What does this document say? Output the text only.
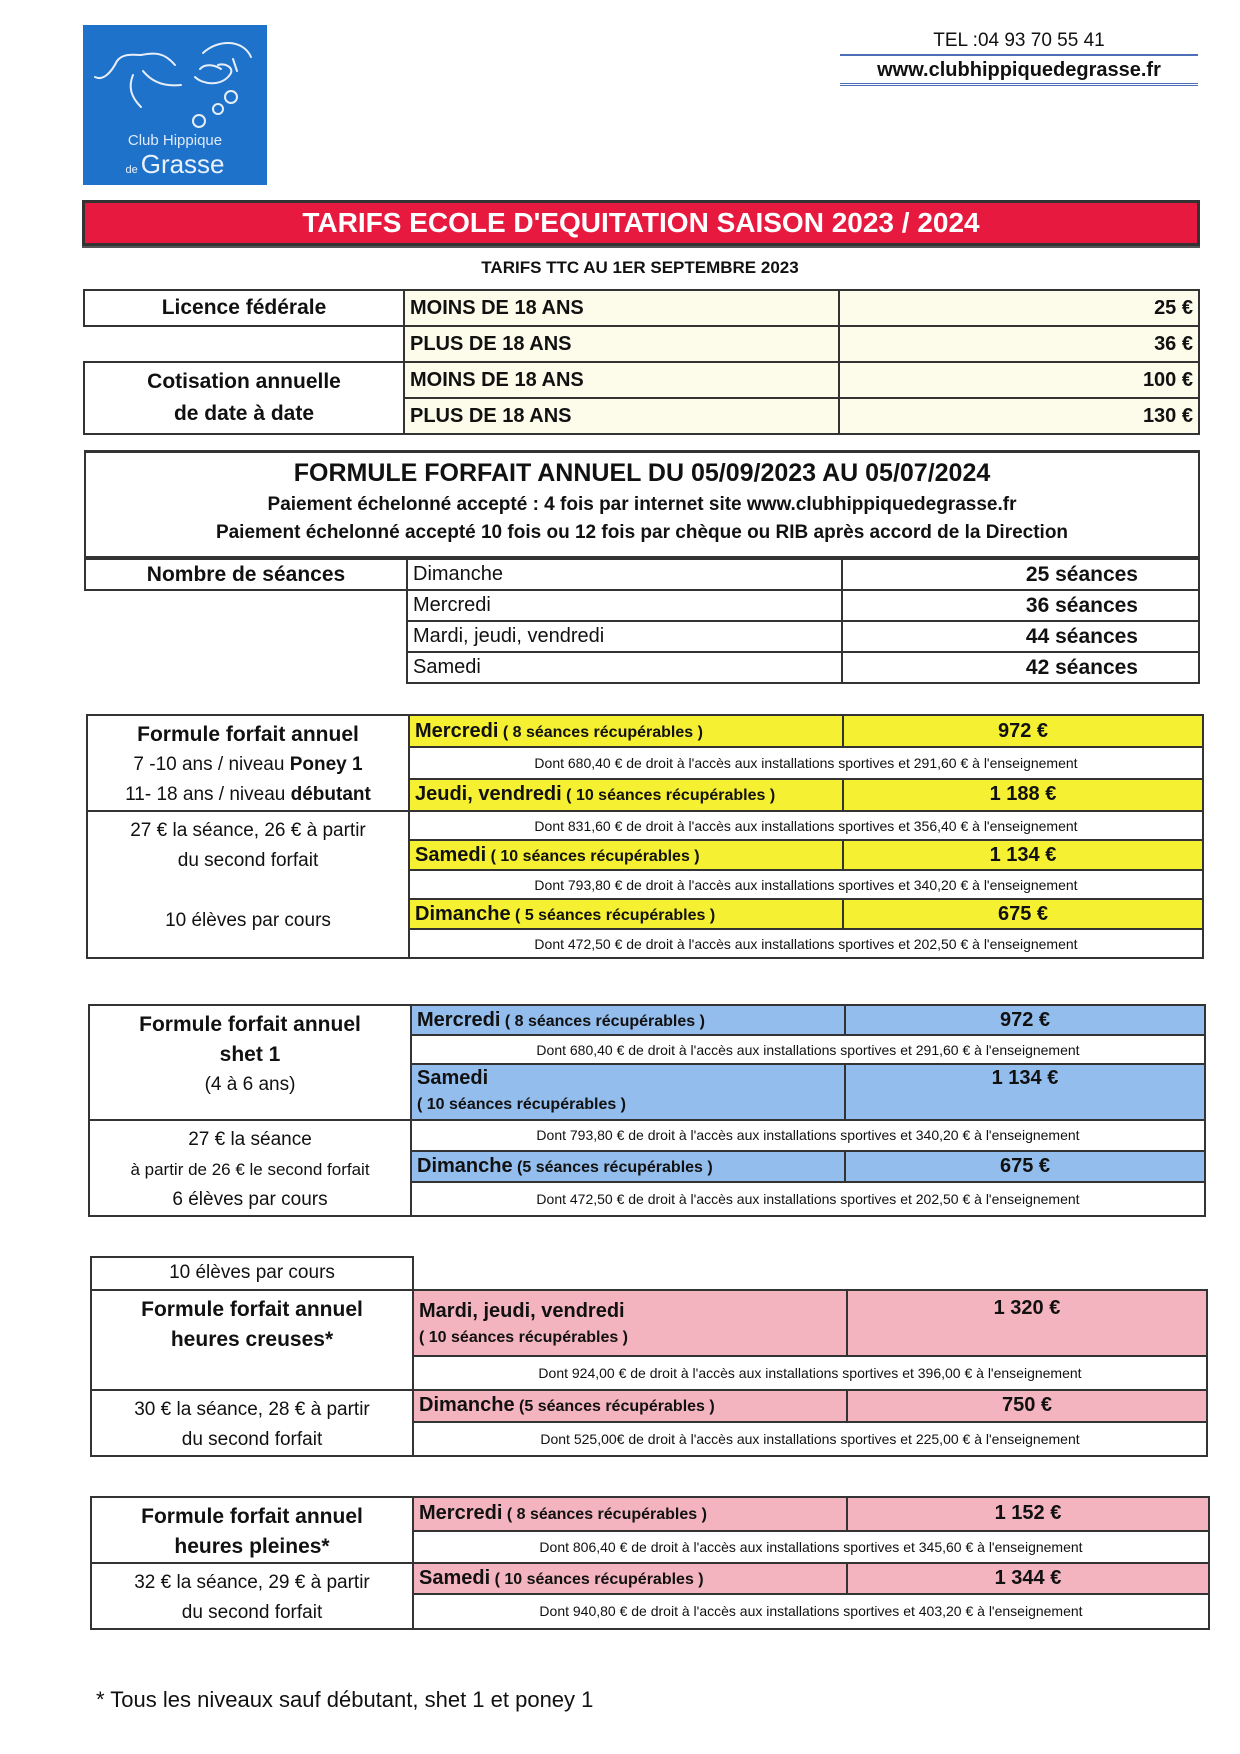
Club Hippique
de Grasse
TEL :04 93 70 55 41
www.clubhippiquedegrasse.fr
TARIFS ECOLE D'EQUITATION SAISON 2023 / 2024
TARIFS TTC AU 1ER SEPTEMBRE 2023
Licence fédérale	MOINS DE 18 ANS	25 €
	PLUS DE 18 ANS	36 €

Cotisation annuelle
de date à date	MOINS DE 18 ANS	100 €
	PLUS DE 18 ANS	130 €
FORMULE FORFAIT ANNUEL DU 05/09/2023 AU 05/07/2024
Paiement échelonné accepté : 4 fois par internet site www.clubhippiquedegrasse.fr
Paiement échelonné accepté 10 fois ou 12 fois par chèque ou RIB après accord de la Direction
Nombre de séances	Dimanche	25 séances
	Mercredi	36 séances
	Mardi, jeudi, vendredi	44 séances
	Samedi	42 séances
Formule forfait annuel
7 -10 ans / niveau Poney 1
11- 18 ans / niveau débutant	Mercredi ( 8 séances récupérables )	972 €
	Dont 680,40 € de droit à l'accès aux installations sportives et 291,60 € à l'enseignement	
	Jeudi, vendredi ( 10 séances récupérables )	1 188 €

27 € la séance, 26 € à partir
du second forfait
10 élèves par cours	Dont 831,60 € de droit à l'accès aux installations sportives et 356,40 € à l'enseignement	
	Samedi ( 10 séances récupérables )	1 134 €
	Dont 793,80 € de droit à l'accès aux installations sportives et 340,20 € à l'enseignement	
	Dimanche ( 5 séances récupérables )	675 €
	Dont 472,50 € de droit à l'accès aux installations sportives et 202,50 € à l'enseignement	
Formule forfait annuel
shet 1
(4 à 6 ans)	Mercredi ( 8 séances récupérables )	972 €
	Dont 680,40 € de droit à l'accès aux installations sportives et 291,60 € à l'enseignement	

	Samedi
( 10 séances récupérables )	1 134 €

27 € la séance
à partir de 26 € le second forfait
6 élèves par cours	Dont 793,80 € de droit à l'accès aux installations sportives et 340,20 € à l'enseignement	
	Dimanche (5 séances récupérables )	675 €
	Dont 472,50 € de droit à l'accès aux installations sportives et 202,50 € à l'enseignement	
10 élèves par cours		

Formule forfait annuel
heures creuses*

Mardi, jeudi, vendredi
( 10 séances récupérables )
	1 320 €
	Dont 924,00 € de droit à l'accès aux installations sportives et 396,00 € à l'enseignement	

30 € la séance, 28 € à partir
du second forfait	Dimanche (5 séances récupérables )	750 €
	Dont 525,00€ de droit à l'accès aux installations sportives et 225,00 € à l'enseignement	
Formule forfait annuel
heures pleines*	Mercredi ( 8 séances récupérables )	1 152 €
	Dont 806,40 € de droit à l'accès aux installations sportives et 345,60 € à l'enseignement	

32 € la séance, 29 € à partir
du second forfait	Samedi ( 10 séances récupérables )	1 344 €
	Dont 940,80 € de droit à l'accès aux installations sportives et 403,20 € à l'enseignement	
* Tous les niveaux sauf débutant, shet 1 et poney 1
